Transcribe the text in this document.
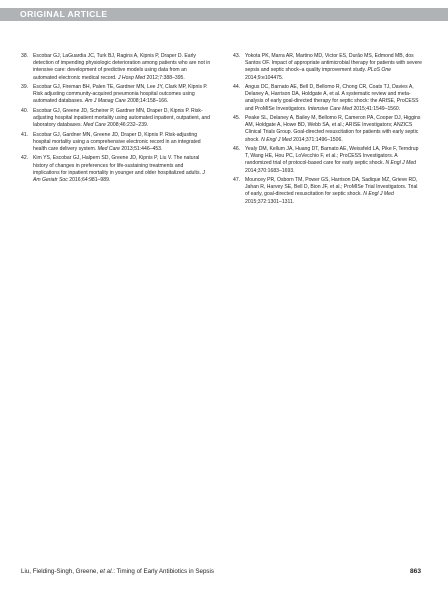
ORIGINAL ARTICLE
38. Escobar GJ, LaGuardia JC, Turk BJ, Ragins A, Kipnis P, Draper D. Early detection of impending physiologic deterioration among patients who are not in intensive care: development of predictive models using data from an automated electronic medical record. J Hosp Med 2012;7:388–395.
39. Escobar GJ, Fireman BH, Palen TE, Gardner MN, Lee JY, Clark MP, Kipnis P. Risk adjusting community-acquired pneumonia hospital outcomes using automated databases. Am J Manag Care 2008;14:158–166.
40. Escobar GJ, Greene JD, Scheirer P, Gardner MN, Draper D, Kipnis P. Risk-adjusting hospital inpatient mortality using automated inpatient, outpatient, and laboratory databases. Med Care 2008;46:232–239.
41. Escobar GJ, Gardner MN, Greene JD, Draper D, Kipnis P. Risk-adjusting hospital mortality using a comprehensive electronic record in an integrated health care delivery system. Med Care 2013;51:446–453.
42. Kim YS, Escobar GJ, Halpern SD, Greene JD, Kipnis P, Liu V. The natural history of changes in preferences for life-sustaining treatments and implications for inpatient mortality in younger and older hospitalized adults. J Am Geriatr Soc 2016;64:981–989.
43. Yokota PK, Marra AR, Martino MD, Victor ES, Durão MS, Edmond MB, dos Santos OF. Impact of appropriate antimicrobial therapy for patients with severe sepsis and septic shock–a quality improvement study. PLoS One 2014;9:e104475.
44. Angus DC, Barnato AE, Bell D, Bellomo R, Chong CR, Coats TJ, Davies A, Delaney A, Harrison DA, Holdgate A, et al. A systematic review and meta-analysis of early goal-directed therapy for septic shock: the ARISE, ProCESS and ProMISe Investigators. Intensive Care Med 2015;41:1549–1560.
45. Peake SL, Delaney A, Bailey M, Bellomo R, Cameron PA, Cooper DJ, Higgins AM, Holdgate A, Howe BD, Webb SA, et al.; ARISE Investigators; ANZICS Clinical Trials Group. Goal-directed resuscitation for patients with early septic shock. N Engl J Med 2014;371:1496–1506.
46. Yealy DM, Kellum JA, Huang DT, Barnato AE, Weissfeld LA, Pike F, Terndrup T, Wang HE, Hou PC, LoVecchio F, et al.; ProCESS Investigators. A randomized trial of protocol-based care for early septic shock. N Engl J Med 2014;370:1683–1693.
47. Mouncey PR, Osborn TM, Power GS, Harrison DA, Sadique MZ, Grieve RD, Jahan R, Harvey SE, Bell D, Bion JF, et al.; ProMISe Trial Investigators. Trial of early, goal-directed resuscitation for septic shock. N Engl J Med 2015;372:1301–1311.
Liu, Fielding-Singh, Greene, et al.: Timing of Early Antibiotics in Sepsis	863
